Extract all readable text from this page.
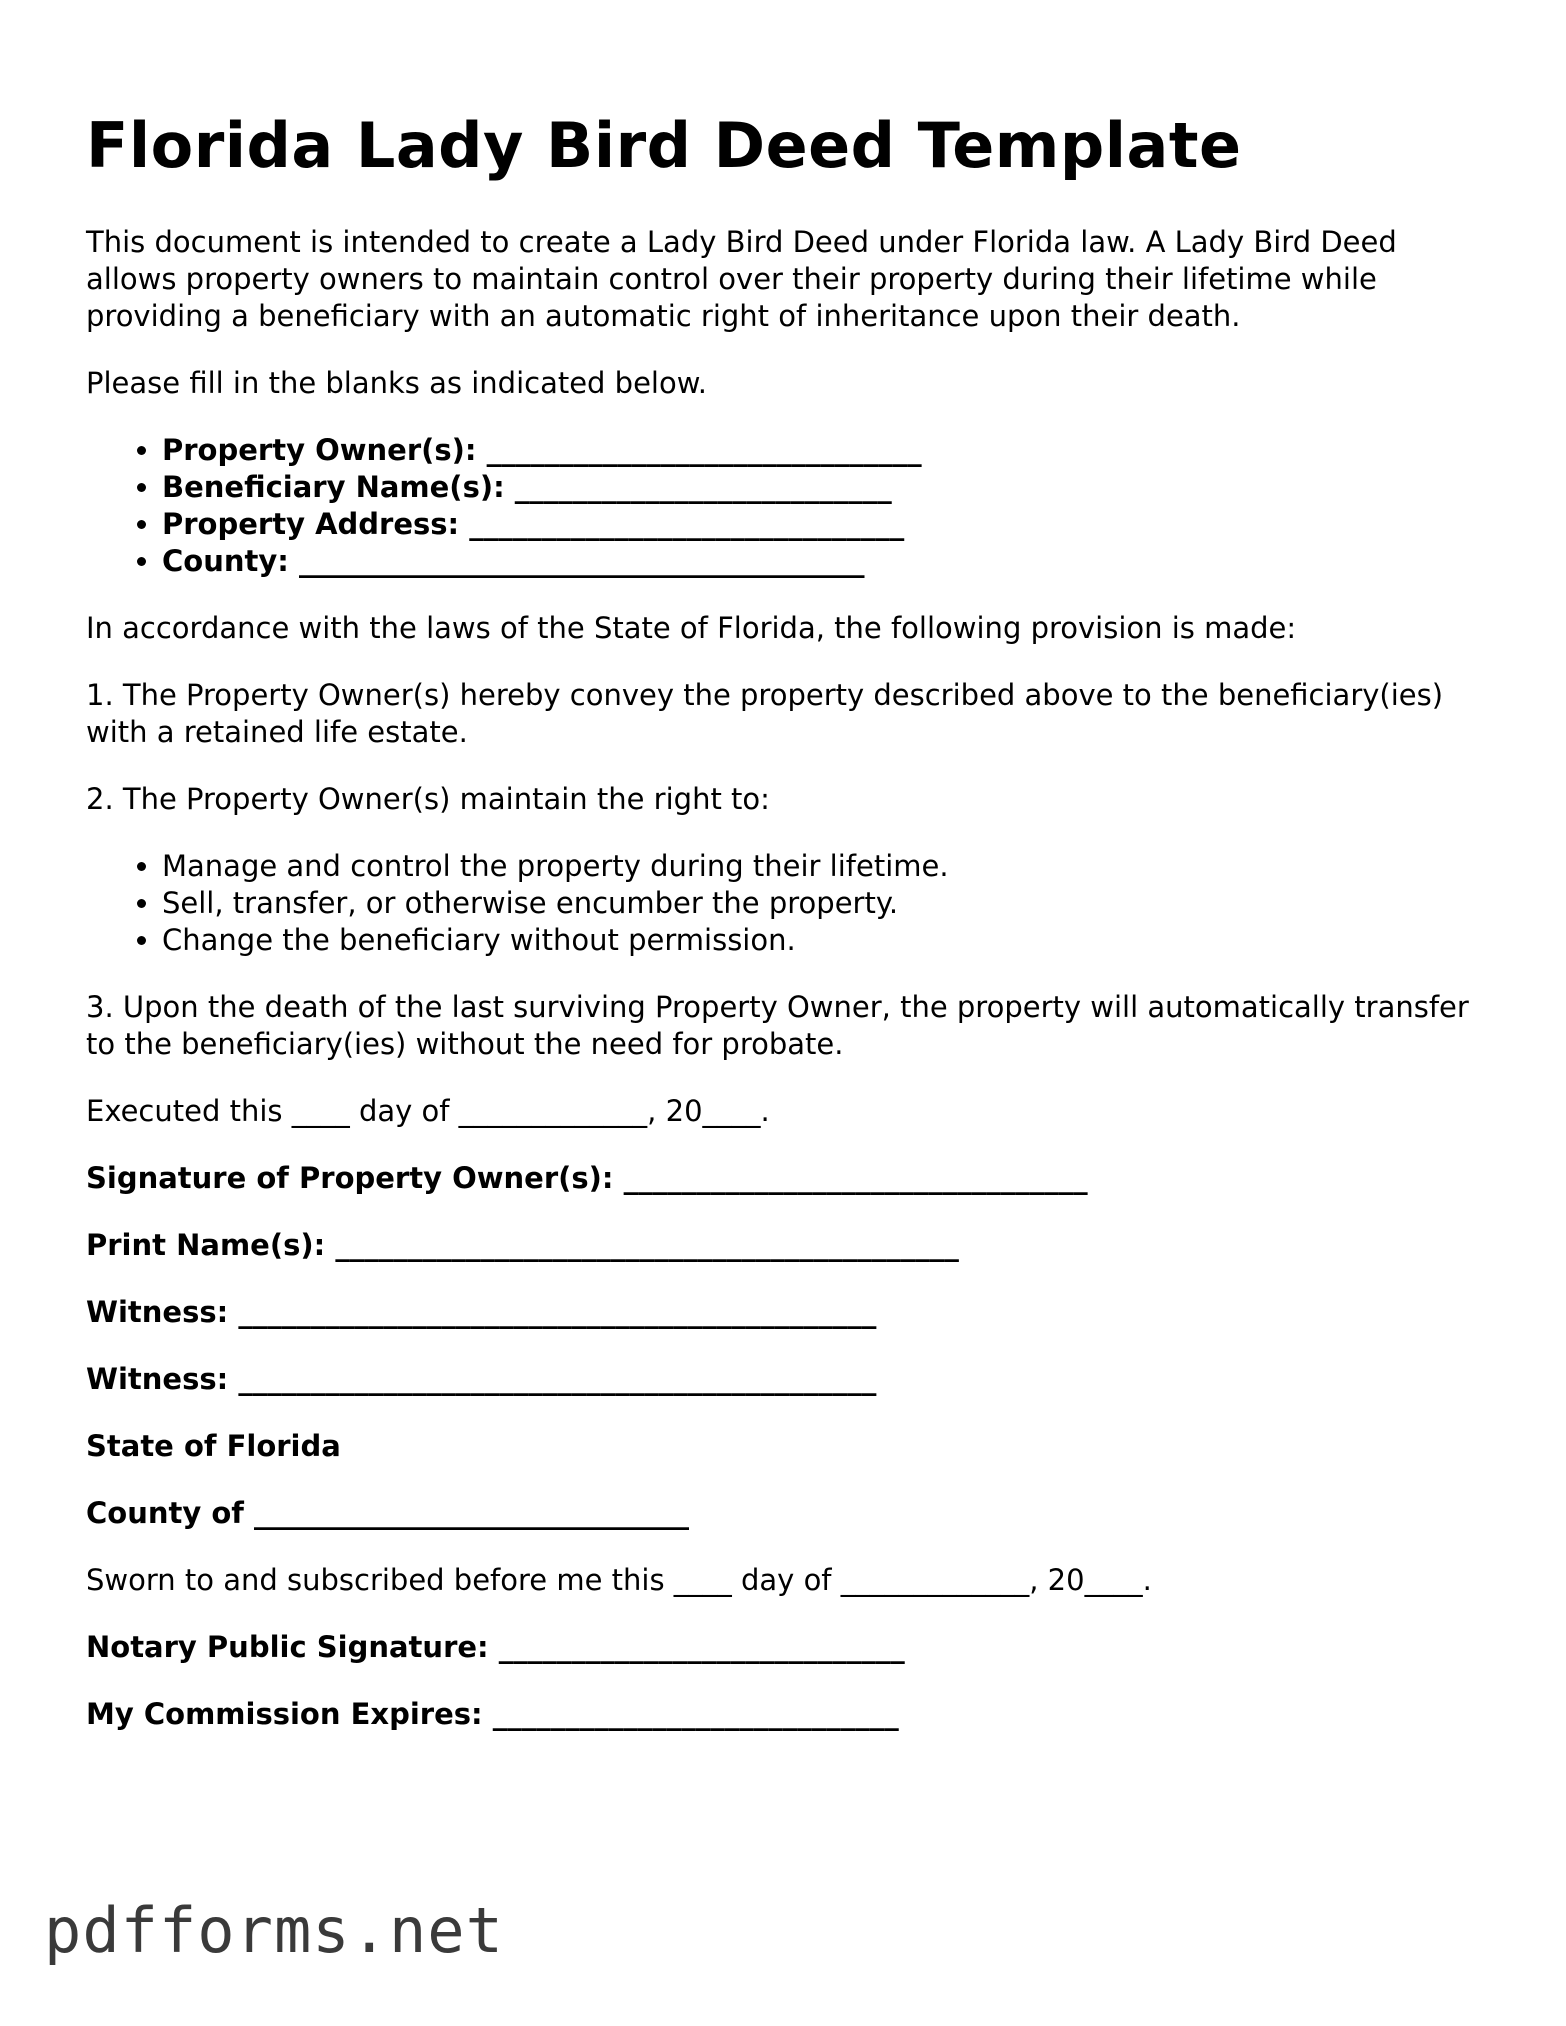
Florida Lady Bird Deed Template

This document is intended to create a Lady Bird Deed under Florida law. A Lady Bird Deed allows property owners to maintain control over their property during their lifetime while providing a beneficiary with an automatic right of inheritance upon their death.

Please fill in the blanks as indicated below.

• Property Owner(s): ______________________________
• Beneficiary Name(s): __________________________
• Property Address: ______________________________
• County: _______________________________________

In accordance with the laws of the State of Florida, the following provision is made:

1. The Property Owner(s) hereby convey the property described above to the beneficiary(ies) with a retained life estate.

2. The Property Owner(s) maintain the right to:

• Manage and control the property during their lifetime.
• Sell, transfer, or otherwise encumber the property.
• Change the beneficiary without permission.

3. Upon the death of the last surviving Property Owner, the property will automatically transfer to the beneficiary(ies) without the need for probate.

Executed this ____ day of _____________, 20____.

Signature of Property Owner(s): ________________________________

Print Name(s): ___________________________________________

Witness: ____________________________________________

Witness: ____________________________________________

State of Florida

County of ______________________________

Sworn to and subscribed before me this ____ day of _____________, 20____.

Notary Public Signature: ____________________________

My Commission Expires: ____________________________

pdfforms.net
